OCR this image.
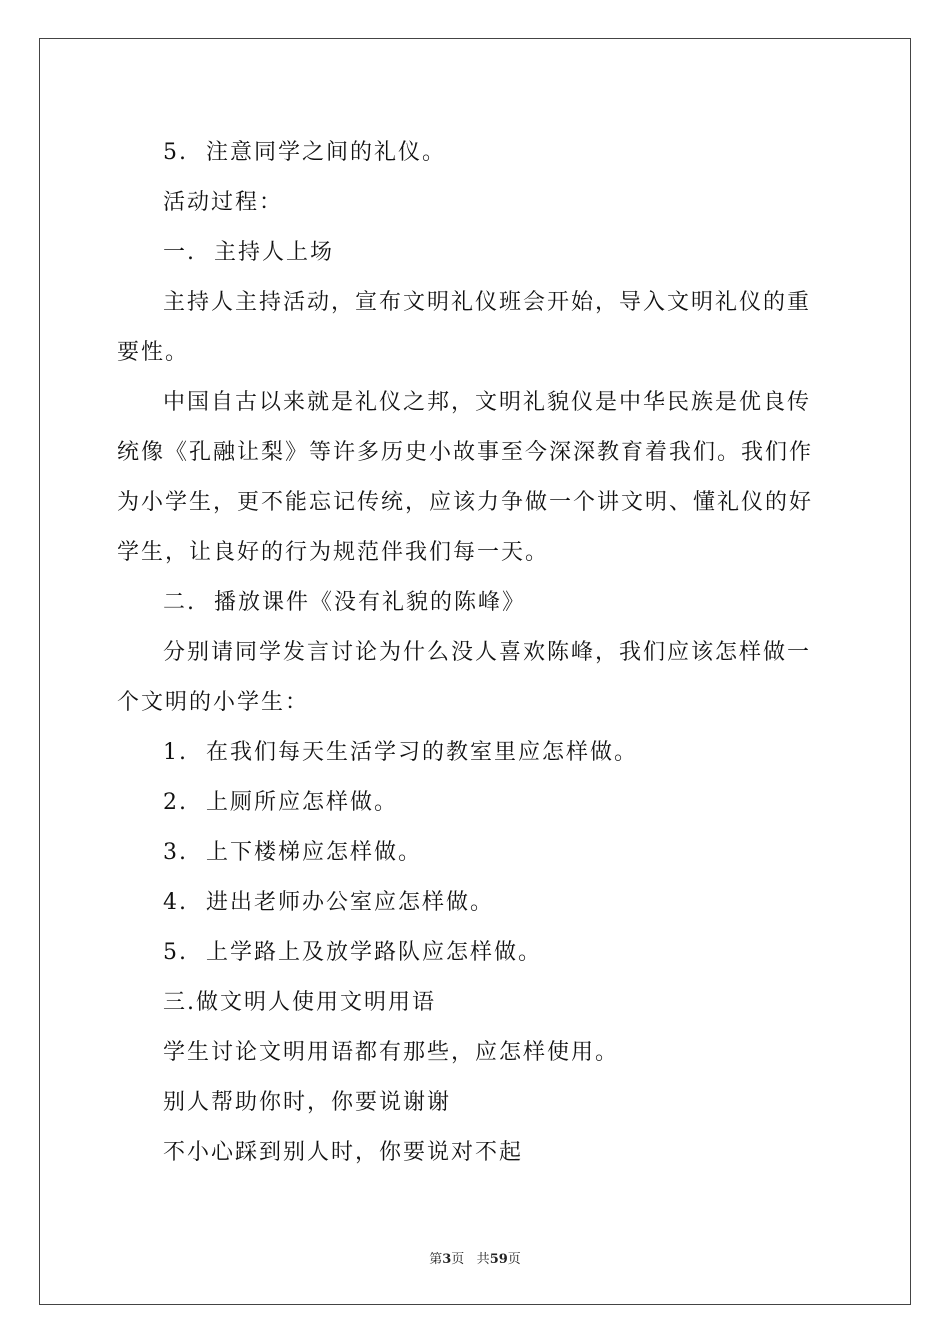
5.  注意同学之间的礼仪。

活动过程：

一.  主持人上场

主持人主持活动，宣布文明礼仪班会开始，导入文明礼仪的重要性。

中国自古以来就是礼仪之邦，文明礼貌仪是中华民族是优良传统像《孔融让梨》等许多历史小故事至今深深教育着我们。我们作为小学生，更不能忘记传统，应该力争做一个讲文明、懂礼仪的好学生，让良好的行为规范伴我们每一天。

二.  播放课件《没有礼貌的陈峰》

分别请同学发言讨论为什么没人喜欢陈峰，我们应该怎样做一个文明的小学生：

1.  在我们每天生活学习的教室里应怎样做。

2.  上厕所应怎样做。

3.  上下楼梯应怎样做。

4.  进出老师办公室应怎样做。

5.  上学路上及放学路队应怎样做。

三.做文明人使用文明用语

学生讨论文明用语都有那些，应怎样使用。

别人帮助你时，你要说谢谢

不小心踩到别人时，你要说对不起

第3页 共59页
